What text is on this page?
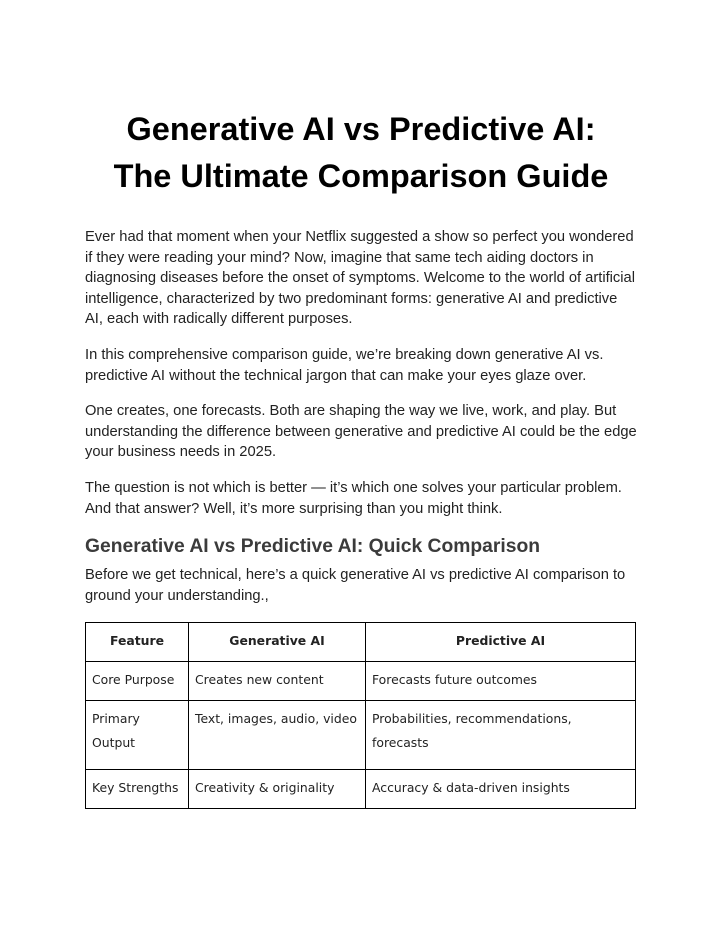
Generative AI vs Predictive AI:
The Ultimate Comparison Guide

Ever had that moment when your Netflix suggested a show so perfect you wondered if they were reading your mind? Now, imagine that same tech aiding doctors in diagnosing diseases before the onset of symptoms. Welcome to the world of artificial intelligence, characterized by two predominant forms: generative AI and predictive AI, each with radically different purposes.

In this comprehensive comparison guide, we’re breaking down generative AI vs. predictive AI without the technical jargon that can make your eyes glaze over.

One creates, one forecasts. Both are shaping the way we live, work, and play. But understanding the difference between generative and predictive AI could be the edge your business needs in 2025.

The question is not which is better — it’s which one solves your particular problem. And that answer? Well, it’s more surprising than you might think.

Generative AI vs Predictive AI: Quick Comparison

Before we get technical, here’s a quick generative AI vs predictive AI comparison to ground your understanding.,

Feature	Generative AI	Predictive AI
Core Purpose	Creates new content	Forecasts future outcomes
Primary Output	Text, images, audio, video	Probabilities, recommendations, forecasts
Key Strengths	Creativity & originality	Accuracy & data-driven insights
